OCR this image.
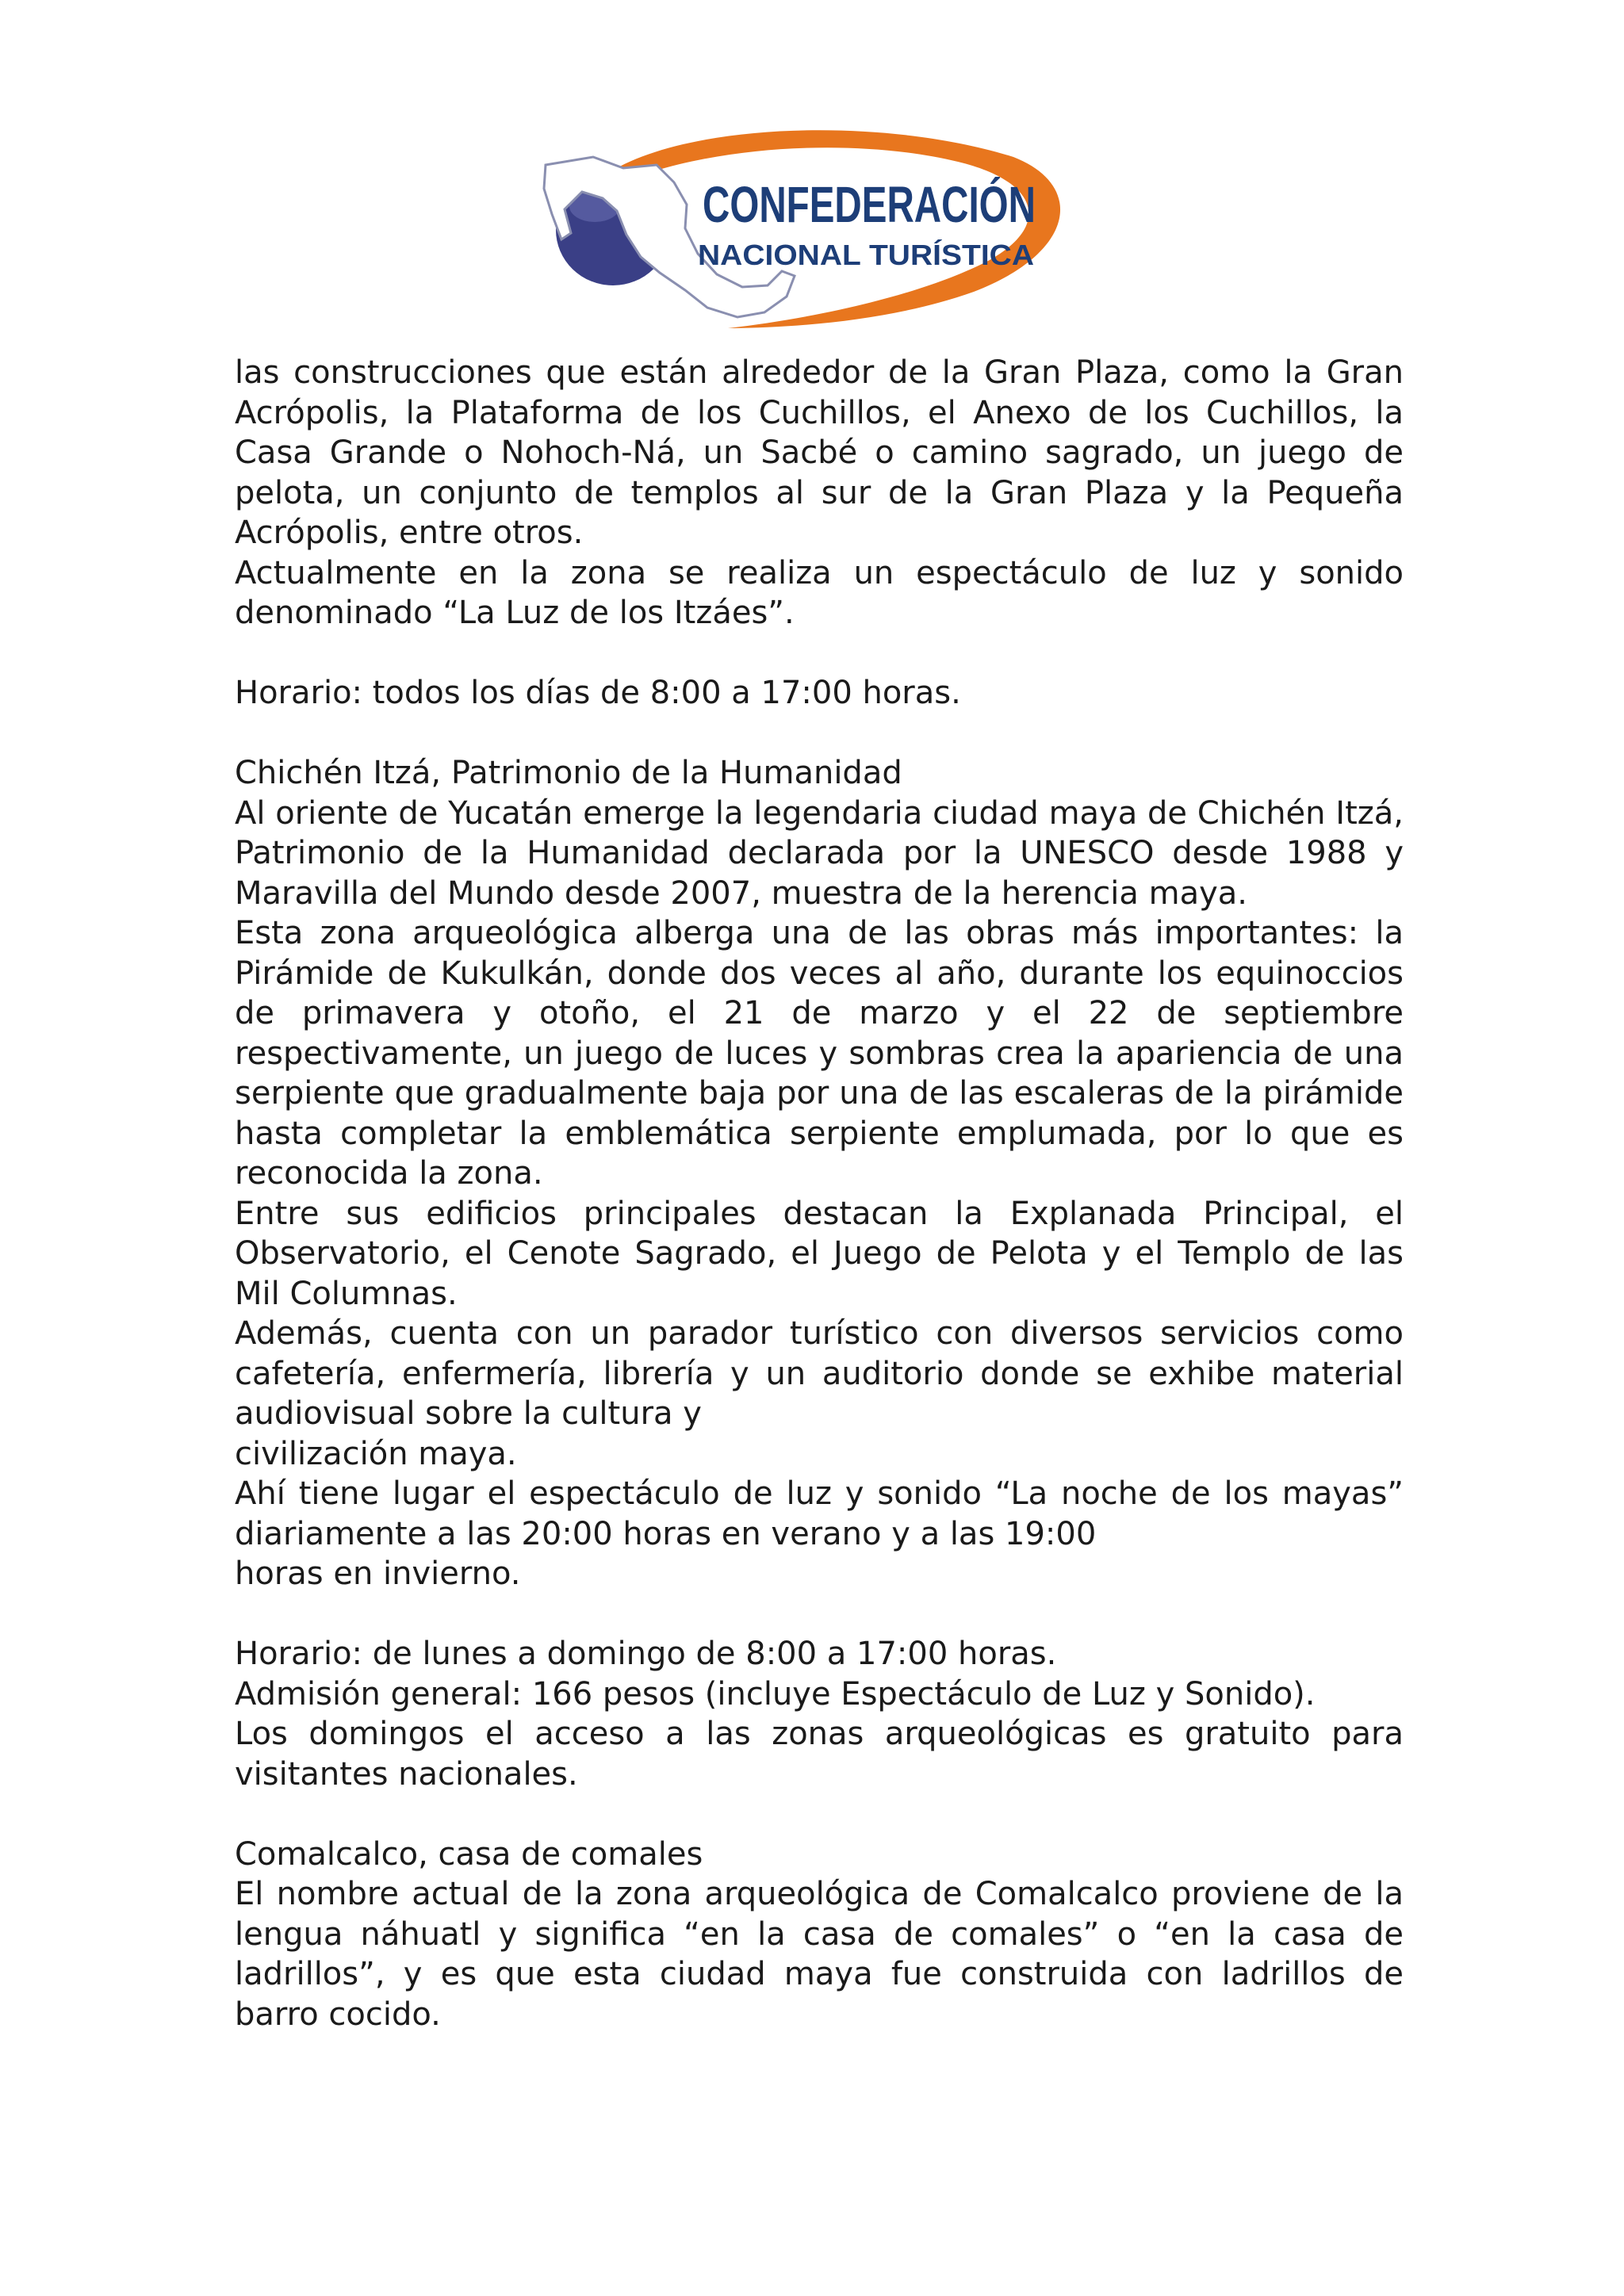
CONFEDERACIÓN
NACIONAL TURÍSTICA

las construcciones que están alrededor de la Gran Plaza, como la Gran Acrópolis, la Plataforma de los Cuchillos, el Anexo de los Cuchillos, la Casa Grande o Nohoch-Ná, un Sacbé o camino sagrado, un juego de pelota, un conjunto de templos al sur de la Gran Plaza y la Pequeña Acrópolis, entre otros.

Actualmente en la zona se realiza un espectáculo de luz y sonido denominado “La Luz de los Itzáes”.

Horario: todos los días de 8:00 a 17:00 horas.

Chichén Itzá, Patrimonio de la Humanidad

Al oriente de Yucatán emerge la legendaria ciudad maya de Chichén Itzá, Patrimonio de la Humanidad declarada por la UNESCO desde 1988 y Maravilla del Mundo desde 2007, muestra de la herencia maya.

Esta zona arqueológica alberga una de las obras más importantes: la Pirámide de Kukulkán, donde dos veces al año, durante los equinoccios de primavera y otoño, el 21 de marzo y el 22 de septiembre respectivamente, un juego de luces y sombras crea la apariencia de una serpiente que gradualmente baja por una de las escaleras de la pirámide hasta completar la emblemática serpiente emplumada, por lo que es reconocida la zona.

Entre sus edificios principales destacan la Explanada Principal, el Observatorio, el Cenote Sagrado, el Juego de Pelota y el Templo de las Mil Columnas.

Además, cuenta con un parador turístico con diversos servicios como cafetería, enfermería, librería y un auditorio donde se exhibe material audiovisual sobre la cultura y

civilización maya.

Ahí tiene lugar el espectáculo de luz y sonido “La noche de los mayas” diariamente a las 20:00 horas en verano y a las 19:00

horas en invierno.

Horario: de lunes a domingo de 8:00 a 17:00 horas.

Admisión general: 166 pesos (incluye Espectáculo de Luz y Sonido).

Los domingos el acceso a las zonas arqueológicas es gratuito para visitantes nacionales.

Comalcalco, casa de comales

El nombre actual de la zona arqueológica de Comalcalco proviene de la lengua náhuatl y significa “en la casa de comales” o “en la casa de ladrillos”, y es que esta ciudad maya fue construida con ladrillos de barro cocido.
